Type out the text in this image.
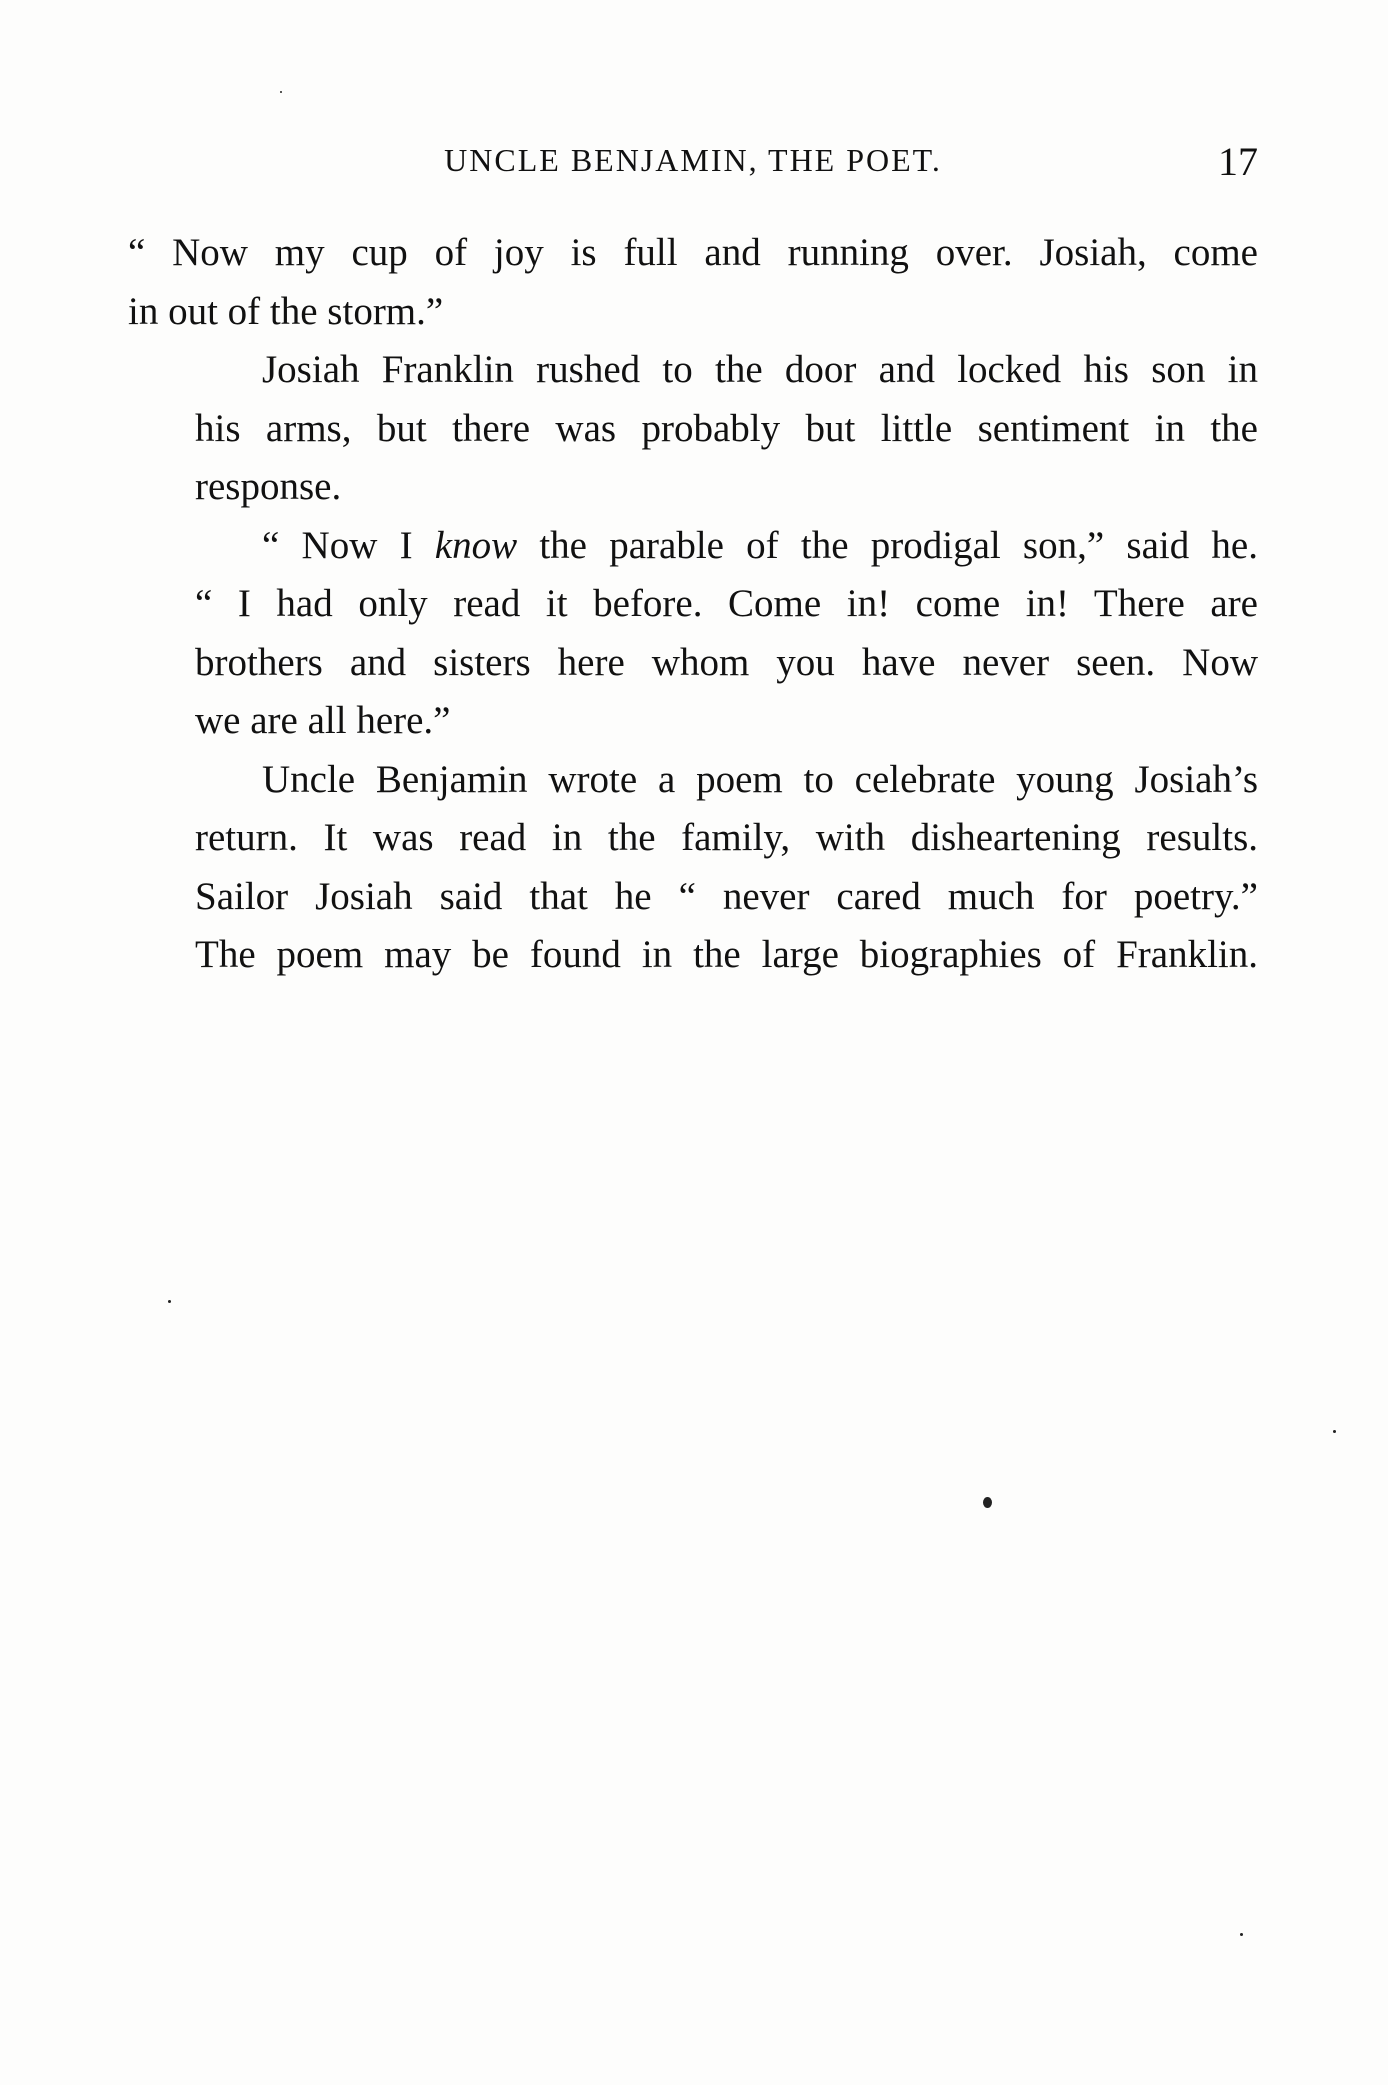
UNCLE BENJAMIN, THE POET.	17

“ Now my cup of joy is full and running over. Josiah, come
in out of the storm.”

Josiah Franklin rushed to the door and locked his son in
his arms, but there was probably but little sentiment in the
response.

“ Now I know the parable of the prodigal son,” said he.
“ I had only read it before. Come in! come in! There are
brothers and sisters here whom you have never seen. Now
we are all here.”

Uncle Benjamin wrote a poem to celebrate young Josiah’s
return. It was read in the family, with disheartening results.
Sailor Josiah said that he “ never cared much for poetry.”
The poem may be found in the large biographies of Franklin.
